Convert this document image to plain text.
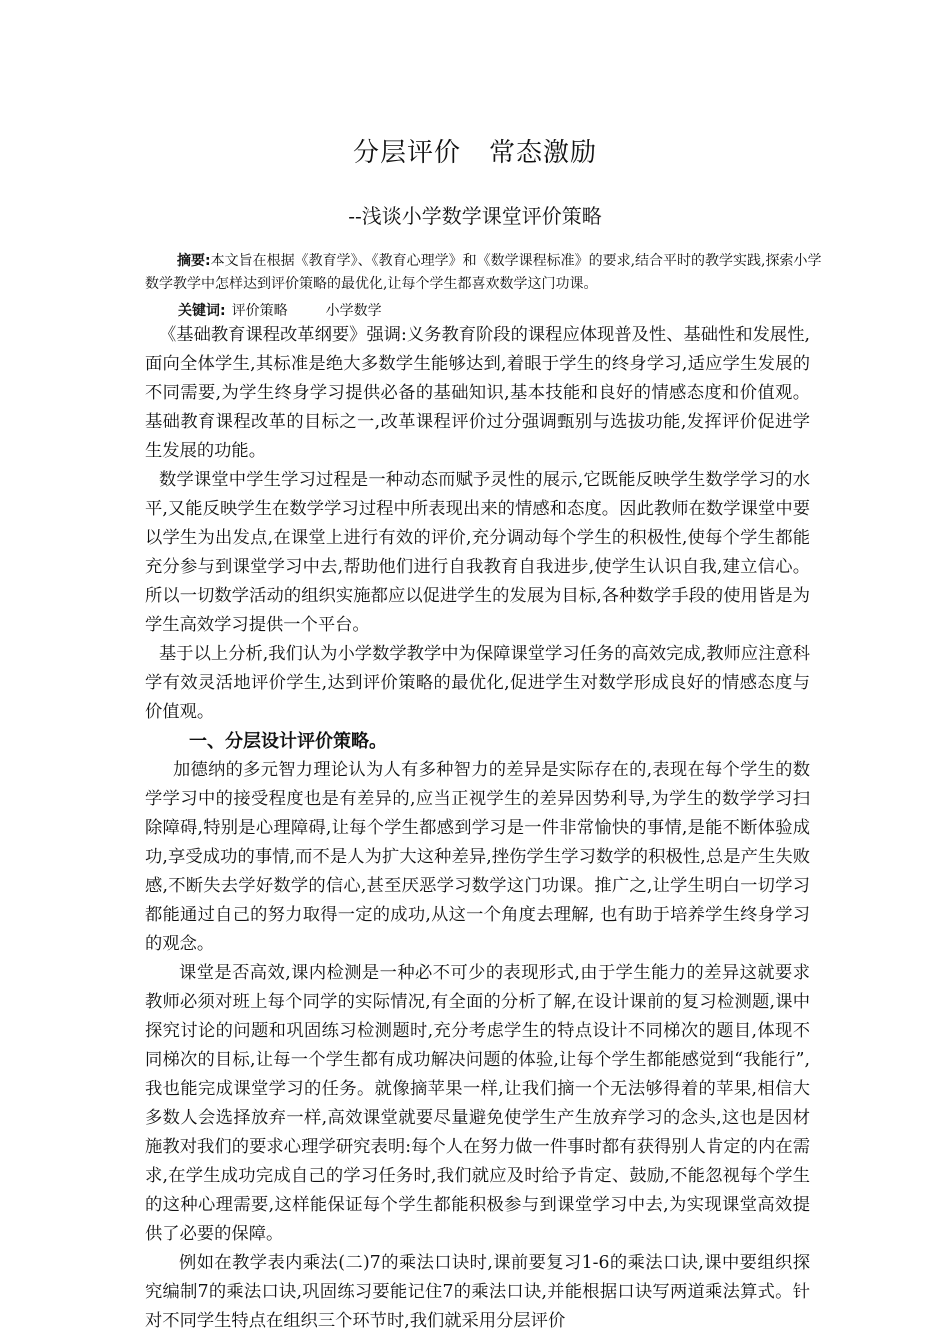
分层评价 常态激励
--浅谈小学数学课堂评价策略
摘要:本文旨在根据《教育学》、《教育心理学》和《数学课程标准》的要求,结合平时的教学实践,探索小学数学教学中怎样达到评价策略的最优化,让每个学生都喜欢数学这门功课。
关键词: 评价策略	小学数学

《基础教育课程改革纲要》强调:义务教育阶段的课程应体现普及性、基础性和发展性,面向全体学生,其标准是绝大多数学生能够达到,着眼于学生的终身学习,适应学生发展的不同需要,为学生终身学习提供必备的基础知识,基本技能和良好的情感态度和价值观。基础教育课程改革的目标之一,改革课程评价过分强调甄别与选拔功能,发挥评价促进学生发展的功能。

数学课堂中学生学习过程是一种动态而赋予灵性的展示,它既能反映学生数学学习的水平,又能反映学生在数学学习过程中所表现出来的情感和态度。因此教师在数学课堂中要以学生为出发点,在课堂上进行有效的评价,充分调动每个学生的积极性,使每个学生都能充分参与到课堂学习中去,帮助他们进行自我教育自我进步,使学生认识自我,建立信心。所以一切数学活动的组织实施都应以促进学生的发展为目标,各种数学手段的使用皆是为学生高效学习提供一个平台。

基于以上分析,我们认为小学数学教学中为保障课堂学习任务的高效完成,教师应注意科学有效灵活地评价学生,达到评价策略的最优化,促进学生对数学形成良好的情感态度与价值观。

一、分层设计评价策略。

加德纳的多元智力理论认为人有多种智力的差异是实际存在的,表现在每个学生的数学学习中的接受程度也是有差异的,应当正视学生的差异因势利导,为学生的数学学习扫除障碍,特别是心理障碍,让每个学生都感到学习是一件非常愉快的事情,是能不断体验成功,享受成功的事情,而不是人为扩大这种差异,挫伤学生学习数学的积极性,总是产生失败感,不断失去学好数学的信心,甚至厌恶学习数学这门功课。推广之,让学生明白一切学习都能通过自己的努力取得一定的成功,从这一个角度去理解, 也有助于培养学生终身学习的观念。

课堂是否高效,课内检测是一种必不可少的表现形式,由于学生能力的差异这就要求教师必须对班上每个同学的实际情况,有全面的分析了解,在设计课前的复习检测题,课中探究讨论的问题和巩固练习检测题时,充分考虑学生的特点设计不同梯次的题目,体现不同梯次的目标,让每一个学生都有成功解决问题的体验,让每个学生都能感觉到“我能行”,我也能完成课堂学习的任务。就像摘苹果一样,让我们摘一个无法够得着的苹果,相信大多数人会选择放弃一样,高效课堂就要尽量避免使学生产生放弃学习的念头,这也是因材施教对我们的要求心理学研究表明:每个人在努力做一件事时都有获得别人肯定的内在需求,在学生成功完成自己的学习任务时,我们就应及时给予肯定、鼓励,不能忽视每个学生的这种心理需要,这样能保证每个学生都能积极参与到课堂学习中去,为实现课堂高效提供了必要的保障。

例如在教学表内乘法(二)7的乘法口诀时,课前要复习1-6的乘法口诀,课中要组织探究编制7的乘法口诀,巩固练习要能记住7的乘法口诀,并能根据口诀写两道乘法算式。针对不同学生特点在组织三个环节时,我们就采用分层评价
